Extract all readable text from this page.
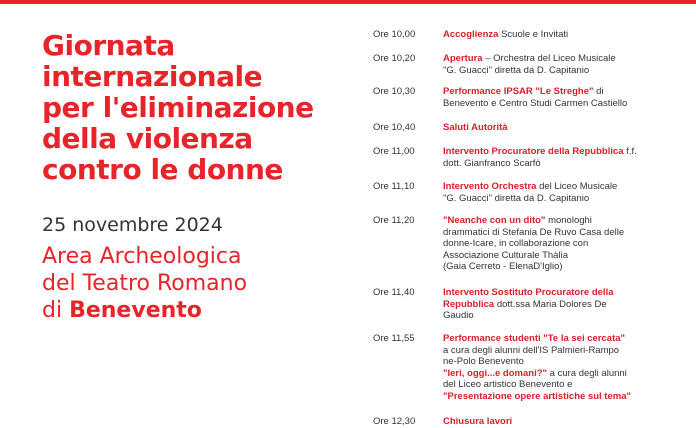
Giornata
internazionale
per l'eliminazione
della violenza
contro le donne
25 novembre 2024
Area Archeologica
del Teatro Romano
di Benevento
Ore 10,00	Accoglienza Scuole e Invitati
Ore 10,20	Apertura – Orchestra del Liceo Musicale
"G. Guacci" diretta da D. Capitanio
Ore 10,30	Performance IPSAR "Le Streghe" di
Benevento e Centro Studi Carmen Castiello
Ore 10,40	Saluti Autorità
Ore 11,00	Intervento Procuratore della Repubblica f.f.
dott. Gianfranco Scarfò
Ore 11,10	Intervento Orchestra del Liceo Musicale
"G. Guacci" diretta da D. Capitanio
Ore 11,20	"Neanche con un dito" monologhi
drammatici di Stefania De Ruvo Casa delle
donne-Icare, in collaborazione con
Associazione Culturale Thàlia
(Gaia Cerreto - ElenaD'Iglio)
Ore 11,40	Intervento Sostituto Procuratore della
Repubblica dott.ssa Maria Dolores De
Gaudio
Ore 11,55	Performance studenti "Te la sei cercata"
a cura degli alunni dell'IS Palmieri-Rampo
ne-Polo Benevento
"Ieri, oggi...e domani?" a cura degli alunni
del Liceo artistico Benevento e
"Presentazione opere artistiche sul tema"
Ore 12,30	Chiusura lavori
